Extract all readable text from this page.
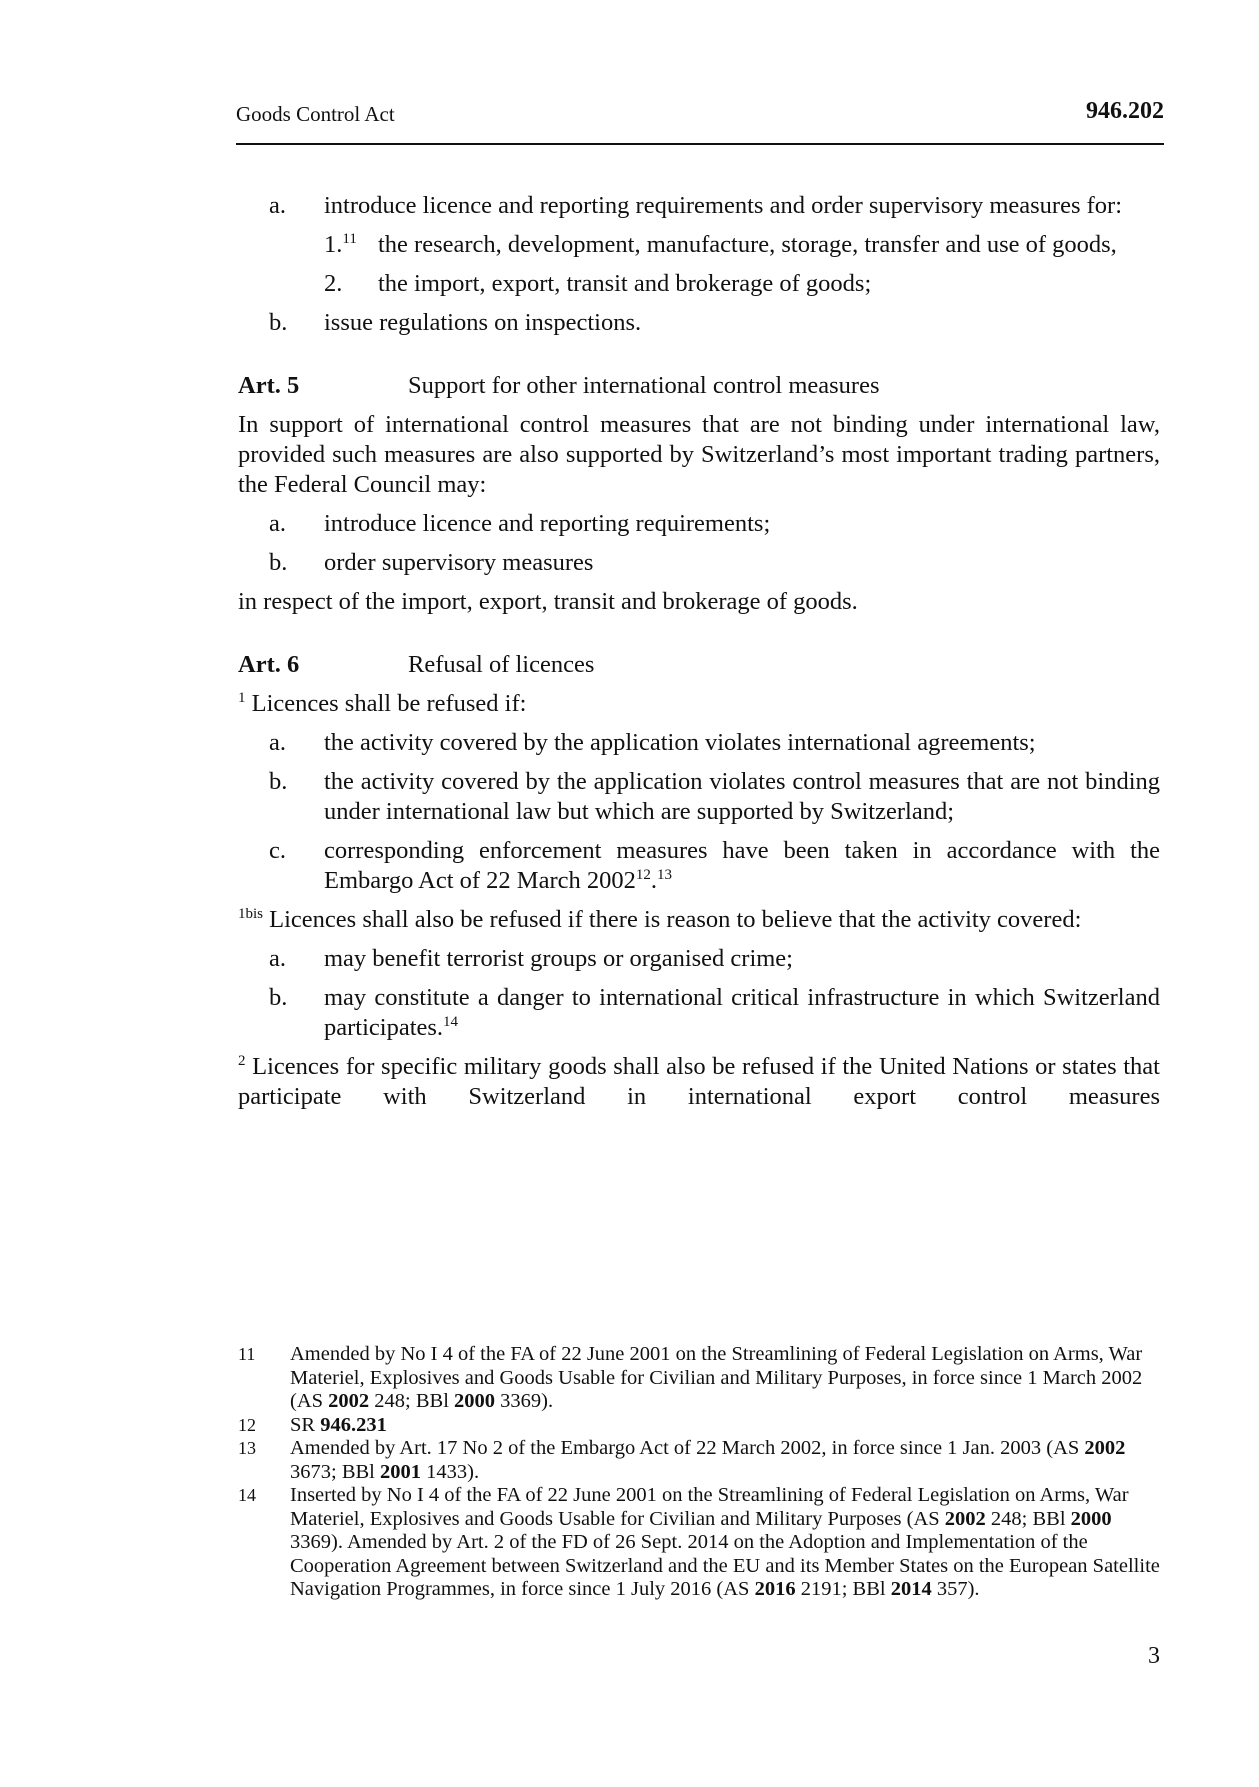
Goods Control Act	946.202
a. introduce licence and reporting requirements and order supervisory measures for:
1.11 the research, development, manufacture, storage, transfer and use of goods,
2. the import, export, transit and brokerage of goods;
b. issue regulations on inspections.
Art. 5	Support for other international control measures

In support of international control measures that are not binding under international law, provided such measures are also supported by Switzerland’s most important trading partners, the Federal Council may:

a. introduce licence and reporting requirements;
b. order supervisory measures

in respect of the import, export, transit and brokerage of goods.

Art. 6	Refusal of licences

$^1$ Licences shall be refused if:

a. the activity covered by the application violates international agreements;
b. the activity covered by the application violates control measures that are not binding under international law but which are supported by Switzerland;
c. corresponding enforcement measures have been taken in accordance with the Embargo Act of 22 March 2002$^{12}$.$^{13}$

$^{1bis}$ Licences shall also be refused if there is reason to believe that the activity covered:

a. may benefit terrorist groups or organised crime;
b. may constitute a danger to international critical infrastructure in which Switzerland participates.$^{14}$

$^2$ Licences for specific military goods shall also be refused if the United Nations or states that participate with Switzerland in international export control measures

11 Amended by No I 4 of the FA of 22 June 2001 on the Streamlining of Federal Legislation on Arms, War Materiel, Explosives and Goods Usable for Civilian and Military Purposes, in force since 1 March 2002 (AS 2002 248; BBl 2000 3369).
12 SR 946.231
13 Amended by Art. 17 No 2 of the Embargo Act of 22 March 2002, in force since 1 Jan. 2003 (AS 2002 3673; BBl 2001 1433).
14 Inserted by No I 4 of the FA of 22 June 2001 on the Streamlining of Federal Legislation on Arms, War Materiel, Explosives and Goods Usable for Civilian and Military Purposes (AS 2002 248; BBl 2000 3369). Amended by Art. 2 of the FD of 26 Sept. 2014 on the Adoption and Implementation of the Cooperation Agreement between Switzerland and the EU and its Member States on the European Satellite Navigation Programmes, in force since 1 July 2016 (AS 2016 2191; BBl 2014 357).
3
